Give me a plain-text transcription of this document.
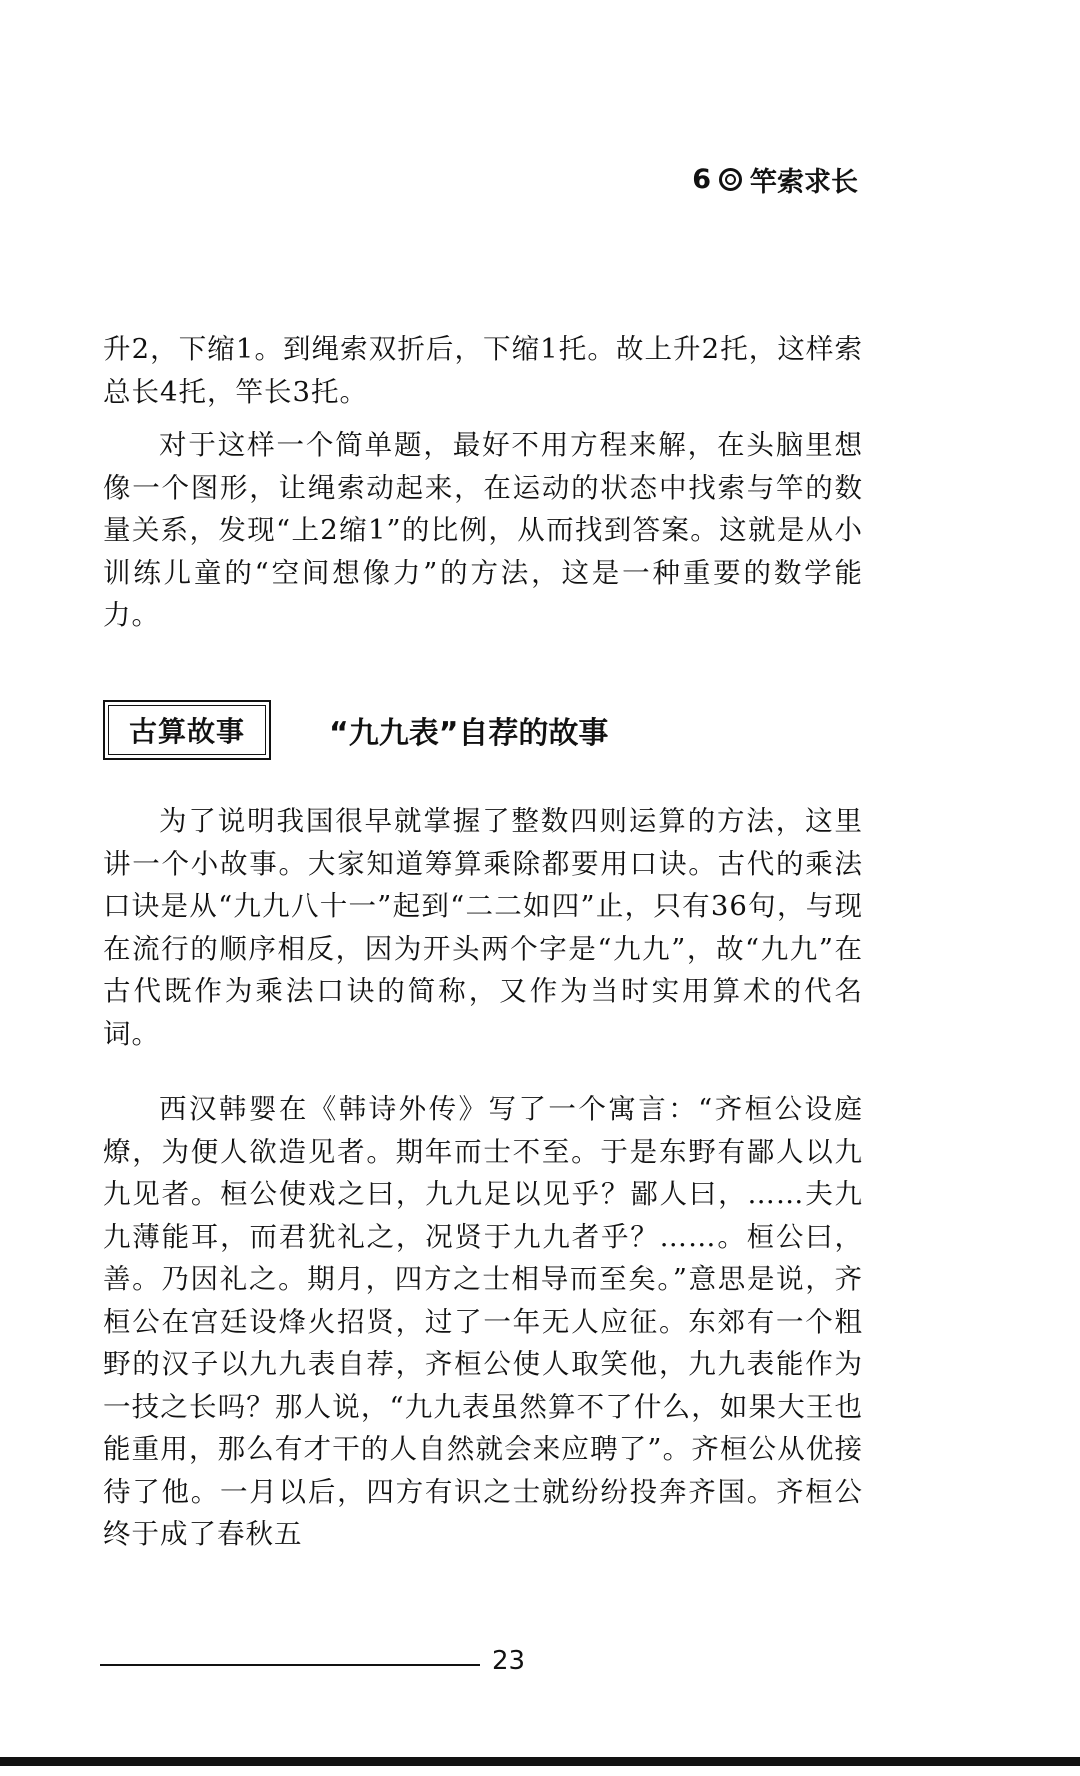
6 竿索求长

升2，下缩1。到绳索双折后，下缩1托。故上升2托，这样索总长4托，竿长3托。

对于这样一个简单题，最好不用方程来解，在头脑里想像一个图形，让绳索动起来，在运动的状态中找索与竿的数量关系，发现“上2缩1”的比例，从而找到答案。这就是从小训练儿童的“空间想像力”的方法，这是一种重要的数学能力。

古算故事	“九九表”自荐的故事

为了说明我国很早就掌握了整数四则运算的方法，这里讲一个小故事。大家知道筹算乘除都要用口诀。古代的乘法口诀是从“九九八十一”起到“二二如四”止，只有36句，与现在流行的顺序相反，因为开头两个字是“九九”，故“九九”在古代既作为乘法口诀的简称，又作为当时实用算术的代名词。

西汉韩婴在《韩诗外传》写了一个寓言：“齐桓公设庭燎，为便人欲造见者。期年而士不至。于是东野有鄙人以九九见者。桓公使戏之曰，九九足以见乎？鄙人曰，……夫九九薄能耳，而君犹礼之，况贤于九九者乎？……。桓公曰，善。乃因礼之。期月，四方之士相导而至矣。”意思是说，齐桓公在宫廷设烽火招贤，过了一年无人应征。东郊有一个粗野的汉子以九九表自荐，齐桓公使人取笑他，九九表能作为一技之长吗？那人说，“九九表虽然算不了什么，如果大王也能重用，那么有才干的人自然就会来应聘了”。齐桓公从优接待了他。一月以后，四方有识之士就纷纷投奔齐国。齐桓公终于成了春秋五

23
